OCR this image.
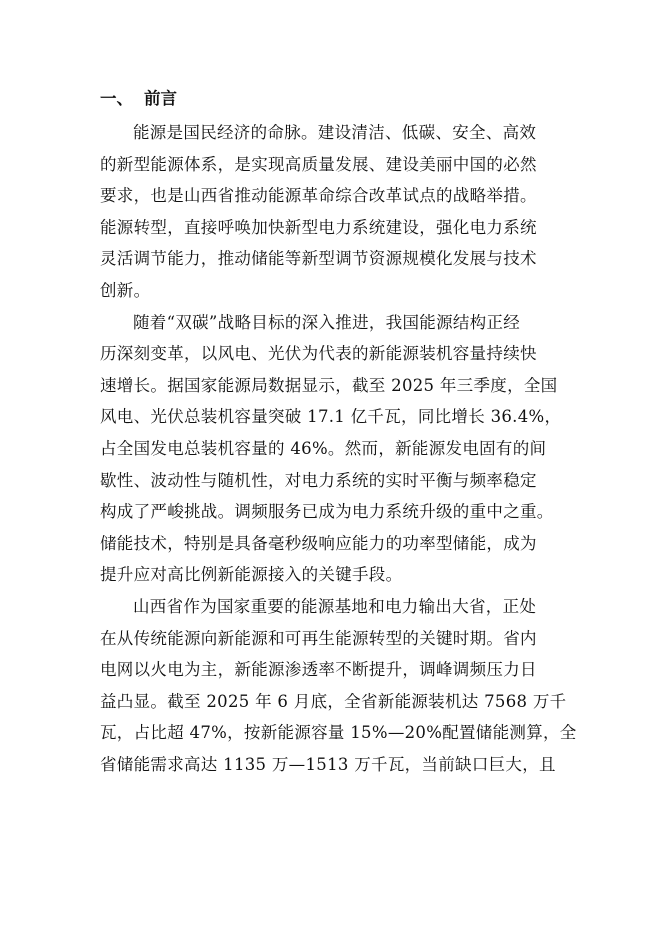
一、 前言
能源是国民经济的命脉。建设清洁、低碳、安全、高效
的新型能源体系，是实现高质量发展、建设美丽中国的必然
要求，也是山西省推动能源革命综合改革试点的战略举措。
能源转型，直接呼唤加快新型电力系统建设，强化电力系统
灵活调节能力，推动储能等新型调节资源规模化发展与技术
创新。
随着“双碳”战略目标的深入推进，我国能源结构正经
历深刻变革，以风电、光伏为代表的新能源装机容量持续快
速增长。据国家能源局数据显示，截至 2025 年三季度，全国
风电、光伏总装机容量突破 17.1 亿千瓦，同比增长 36.4%，
占全国发电总装机容量的 46%。然而，新能源发电固有的间
歇性、波动性与随机性，对电力系统的实时平衡与频率稳定
构成了严峻挑战。调频服务已成为电力系统升级的重中之重。
储能技术，特别是具备毫秒级响应能力的功率型储能，成为
提升应对高比例新能源接入的关键手段。
山西省作为国家重要的能源基地和电力输出大省，正处
在从传统能源向新能源和可再生能源转型的关键时期。省内
电网以火电为主，新能源渗透率不断提升，调峰调频压力日
益凸显。截至 2025 年 6 月底，全省新能源装机达 7568 万千
瓦，占比超 47%，按新能源容量 15%—20%配置储能测算，全
省储能需求高达 1135 万—1513 万千瓦，当前缺口巨大，且
